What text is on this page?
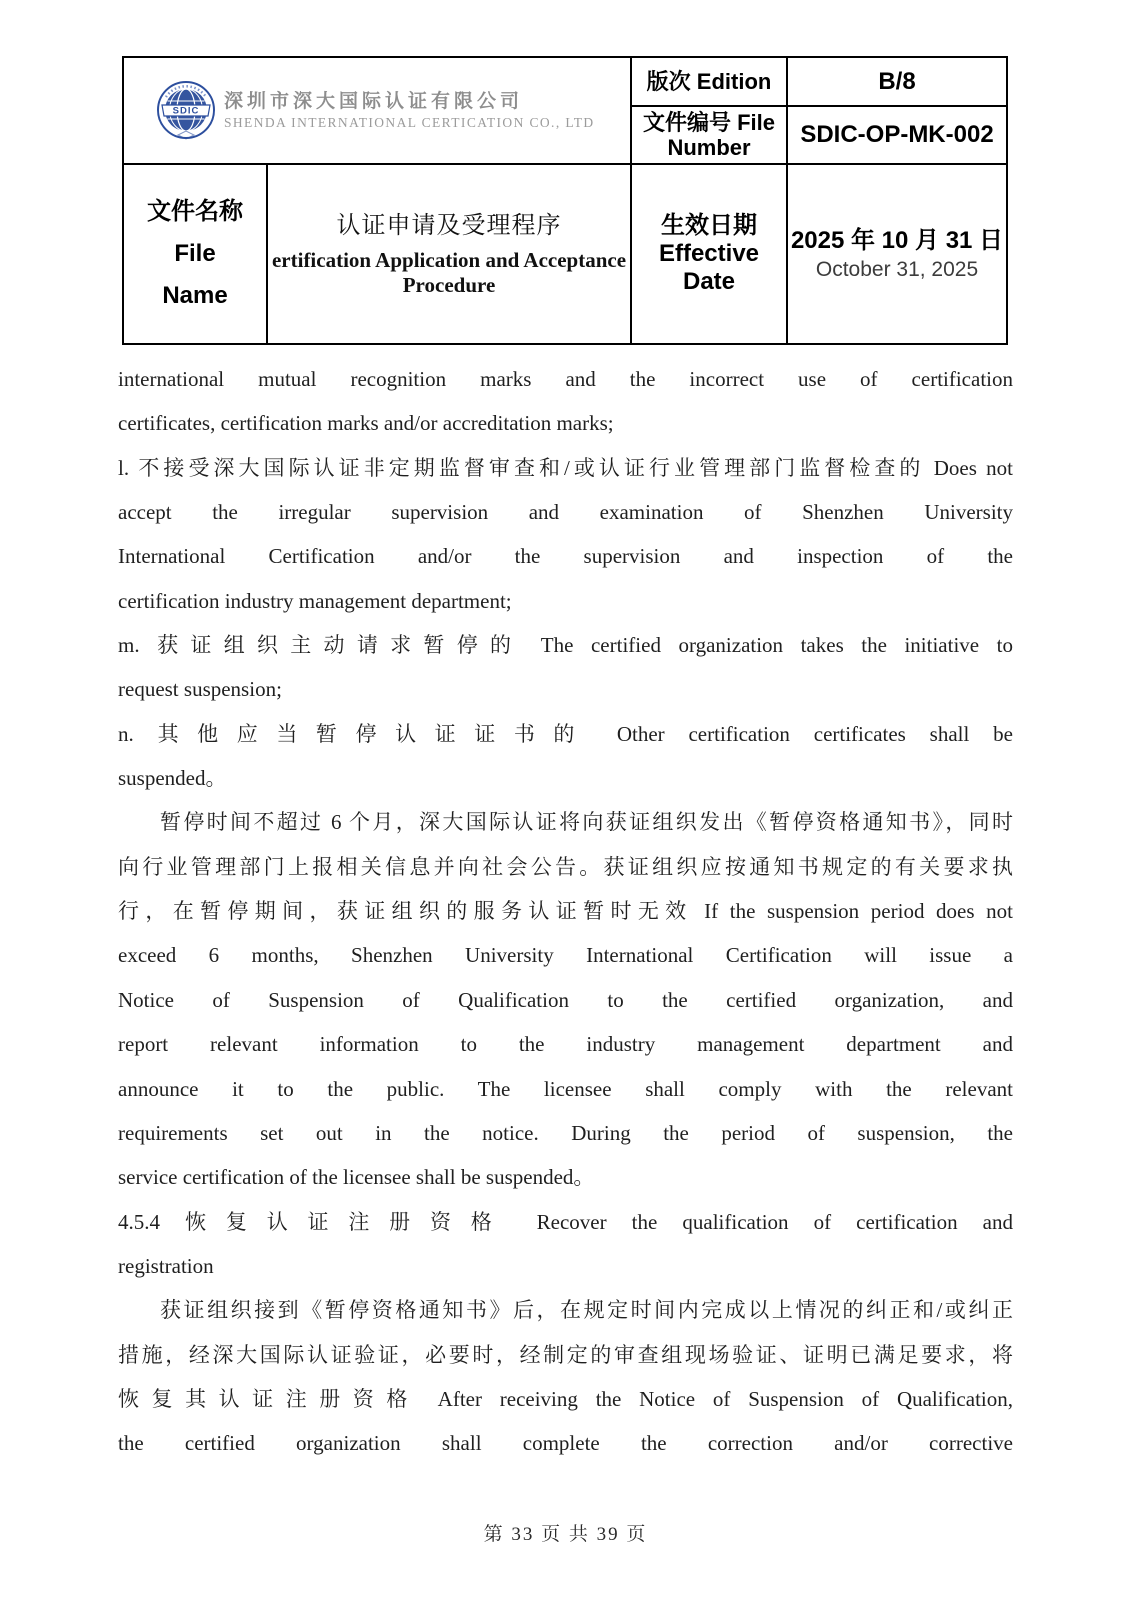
SDIC 深圳市深大国际认证有限公司
SHENDA INTERNATIONAL CERTICATION CO., LTD
版次 Edition	B/8
文件编号 File
Number SDIC-OP-MK-002
文件名称 File
Name
认证申请及受理程序
ertification Application and Acceptance
Procedure
生效日期
Effective
Date
2025 年 10 月 31 日
October 31, 2025
international mutual recognition marks and the incorrect use of certification
certificates, certification marks and/or accreditation marks;
l. 不接受深大国际认证非定期监督审查和/或认证行业管理部门监督检查的 Does not
accept the irregular supervision and examination of Shenzhen University
International Certification and/or the supervision and inspection of the
certification industry management department;
m. 获证组织主动请求暂停的 The certified organization takes the initiative to
request suspension;
n. 其他应当暂停认证证书的 Other certification certificates shall be
suspended。
暂停时间不超过 6 个月，深大国际认证将向获证组织发出《暂停资格通知书》，同时
向行业管理部门上报相关信息并向社会公告。获证组织应按通知书规定的有关要求执
行，在暂停期间，获证组织的服务认证暂时无效 If the suspension period does not
exceed 6 months, Shenzhen University International Certification will issue a
Notice of Suspension of Qualification to the certified organization, and
report relevant information to the industry management department and
announce it to the public. The licensee shall comply with the relevant
requirements set out in the notice. During the period of suspension, the
service certification of the licensee shall be suspended。
4.5.4 恢复认证注册资格 Recover the qualification of certification and
registration
获证组织接到《暂停资格通知书》后，在规定时间内完成以上情况的纠正和/或纠正
措施，经深大国际认证验证，必要时，经制定的审查组现场验证、证明已满足要求，将
恢复其认证注册资格 After receiving the Notice of Suspension of Qualification,
the certified organization shall complete the correction and/or corrective
第 33 页 共 39 页
